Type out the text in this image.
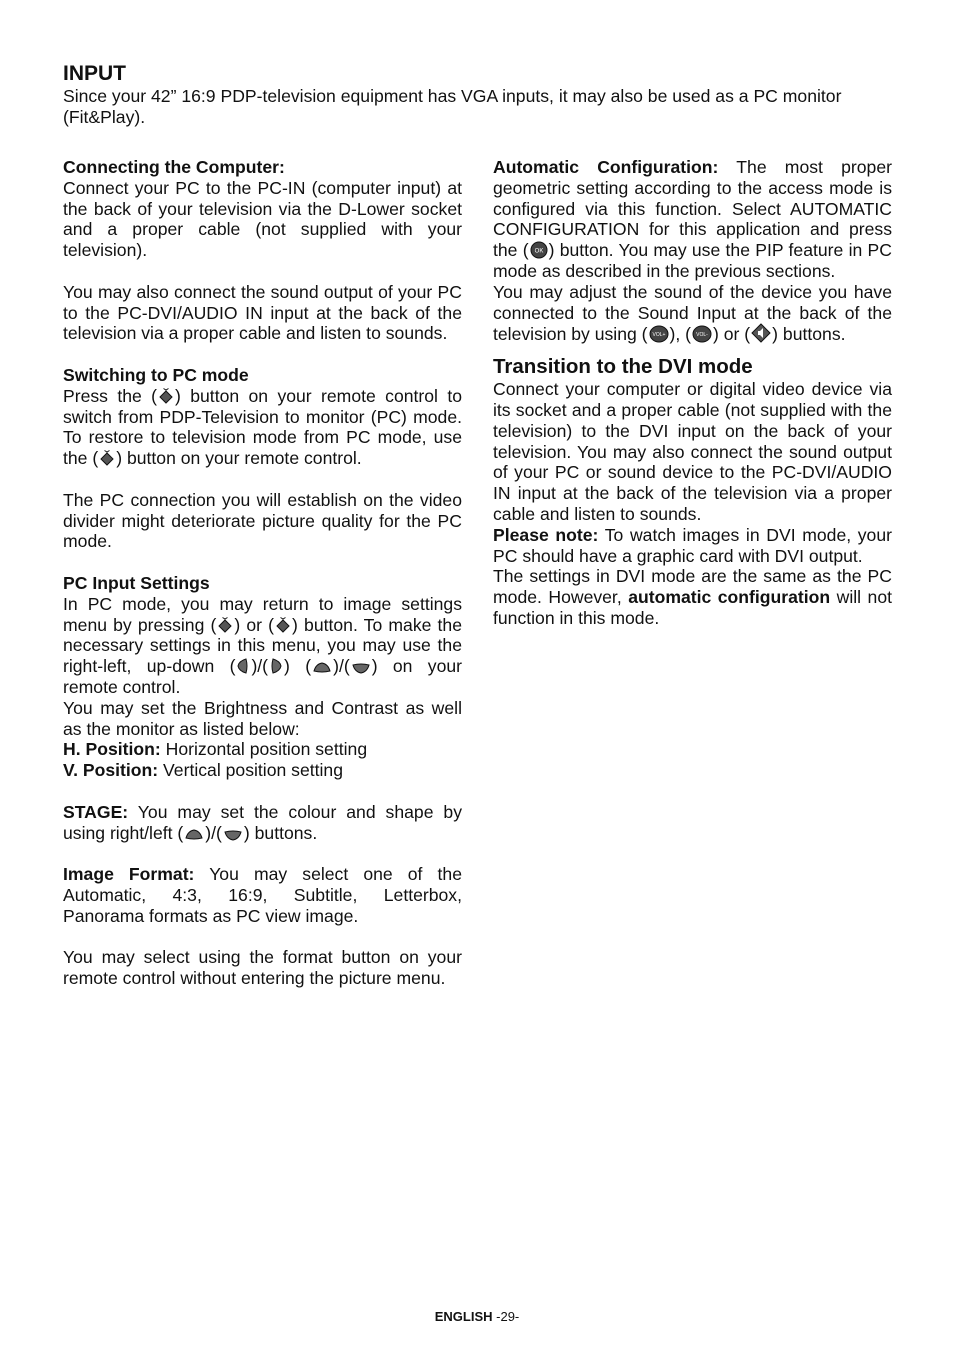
INPUT
Since your 42” 16:9 PDP-television equipment has VGA inputs, it may also be used as a PC monitor (Fit&Play).

Connecting the Computer:

Connect your PC to the PC-IN (computer input) at the back of your television via the D-Lower socket and a proper cable (not supplied with your television).

You may also connect the sound output of your PC to the PC-DVI/AUDIO IN input at the back of the television via a proper cable and listen to sounds.

Switching to PC mode

Press the ( ) button on your remote control to switch from PDP-Television to monitor (PC) mode. To restore to television mode from PC mode, use the ( ) button on your remote control.

The PC connection you will establish on the video divider might deteriorate picture quality for the PC mode.

PC Input Settings

In PC mode, you may return to image settings menu by pressing ( ) or ( ) button. To make the necessary settings in this menu, you may use the right-left, up-down ( )/( ) ( )/( ) on your remote control.

You may set the Brightness and Contrast as well as the monitor as listed below:

H. Position: Horizontal position setting

V. Position: Vertical position setting

STAGE: You may set the colour and shape by using right/left ( )/( ) buttons.

Image Format: You may select one of the Automatic, 4:3, 16:9, Subtitle, Letterbox, Panorama formats as PC view image.

You may select using the format button on your remote control without entering the picture menu.

Automatic Configuration: The most proper geometric setting according to the access mode is configured via this function. Select AUTOMATIC CONFIGURATION for this application and press the ( OK ) button. You may use the PIP feature in PC mode as described in the previous sections.

You may adjust the sound of the device you have connected to the Sound Input at the back of the television by using ( VOL+ ), ( VOL- ) or ( ) buttons.

Transition to the DVI mode

Connect your computer or digital video device via its socket and a proper cable (not supplied with the television) to the DVI input on the back of your television. You may also connect the sound output of your PC or sound device to the PC-DVI/AUDIO IN input at the back of the television via a proper cable and listen to sounds.

Please note: To watch images in DVI mode, your PC should have a graphic card with DVI output.

The settings in DVI mode are the same as the PC mode. However, automatic configuration will not function in this mode.

ENGLISH -29-
